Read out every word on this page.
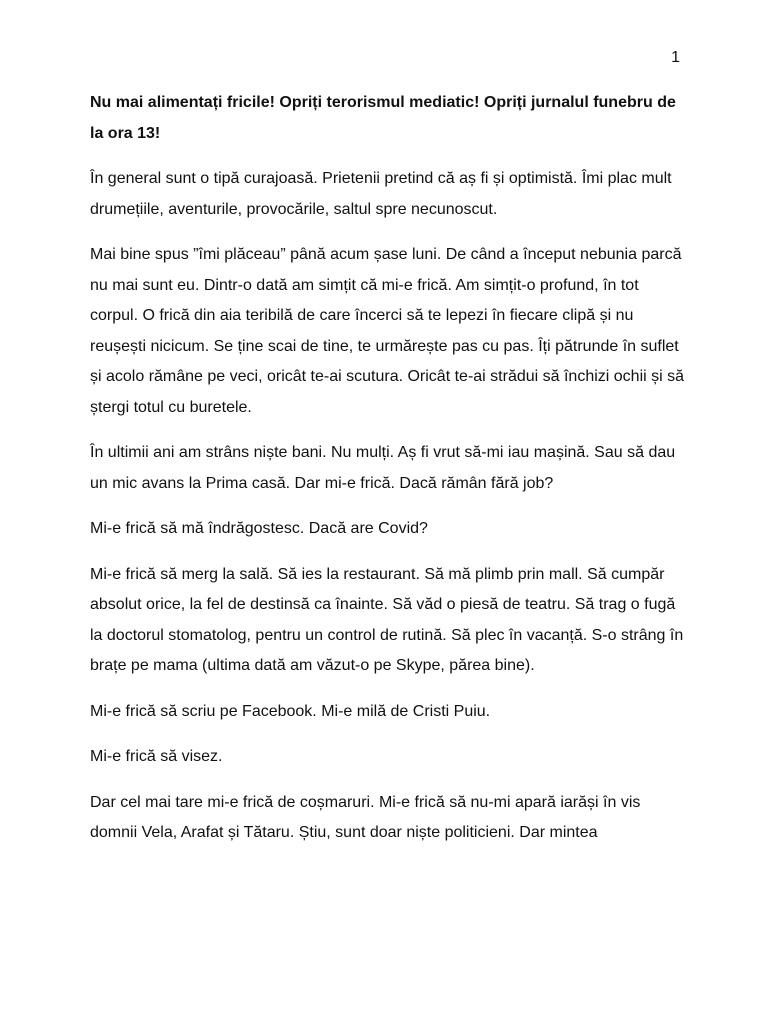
1
Nu mai alimentați fricile! Opriți terorismul mediatic! Opriți jurnalul funebru de la ora 13!
În general sunt o tipă curajoasă. Prietenii pretind că aș fi și optimistă. Îmi plac mult drumețiile, aventurile, provocările, saltul spre necunoscut.
Mai bine spus ”îmi plăceau” până acum șase luni. De când a început nebunia parcă nu mai sunt eu. Dintr-o dată am simțit că mi-e frică. Am simțit-o profund, în tot corpul. O frică din aia teribilă de care încerci să te lepezi în fiecare clipă și nu reușești nicicum. Se ține scai de tine, te urmărește pas cu pas. Îți pătrunde în suflet și acolo rămâne pe veci, oricât te-ai scutura. Oricât te-ai strădui să închizi ochii și să ștergi totul cu buretele.
În ultimii ani am strâns niște bani. Nu mulți. Aș fi vrut să-mi iau mașină. Sau să dau un mic avans la Prima casă. Dar mi-e frică. Dacă rămân fără job?
Mi-e frică să mă îndrăgostesc. Dacă are Covid?
Mi-e frică să merg la sală. Să ies la restaurant. Să mă plimb prin mall. Să cumpăr absolut orice, la fel de destinsă ca înainte. Să văd o piesă de teatru. Să trag o fugă la doctorul stomatolog, pentru un control de rutină. Să plec în vacanță. S-o strâng în brațe pe mama (ultima dată am văzut-o pe Skype, părea bine).
Mi-e frică să scriu pe Facebook. Mi-e milă de Cristi Puiu.
Mi-e frică să visez.
Dar cel mai tare mi-e frică de coșmaruri. Mi-e frică să nu-mi apară iarăși în vis domnii Vela, Arafat și Tătaru. Știu, sunt doar niște politicieni. Dar mintea
